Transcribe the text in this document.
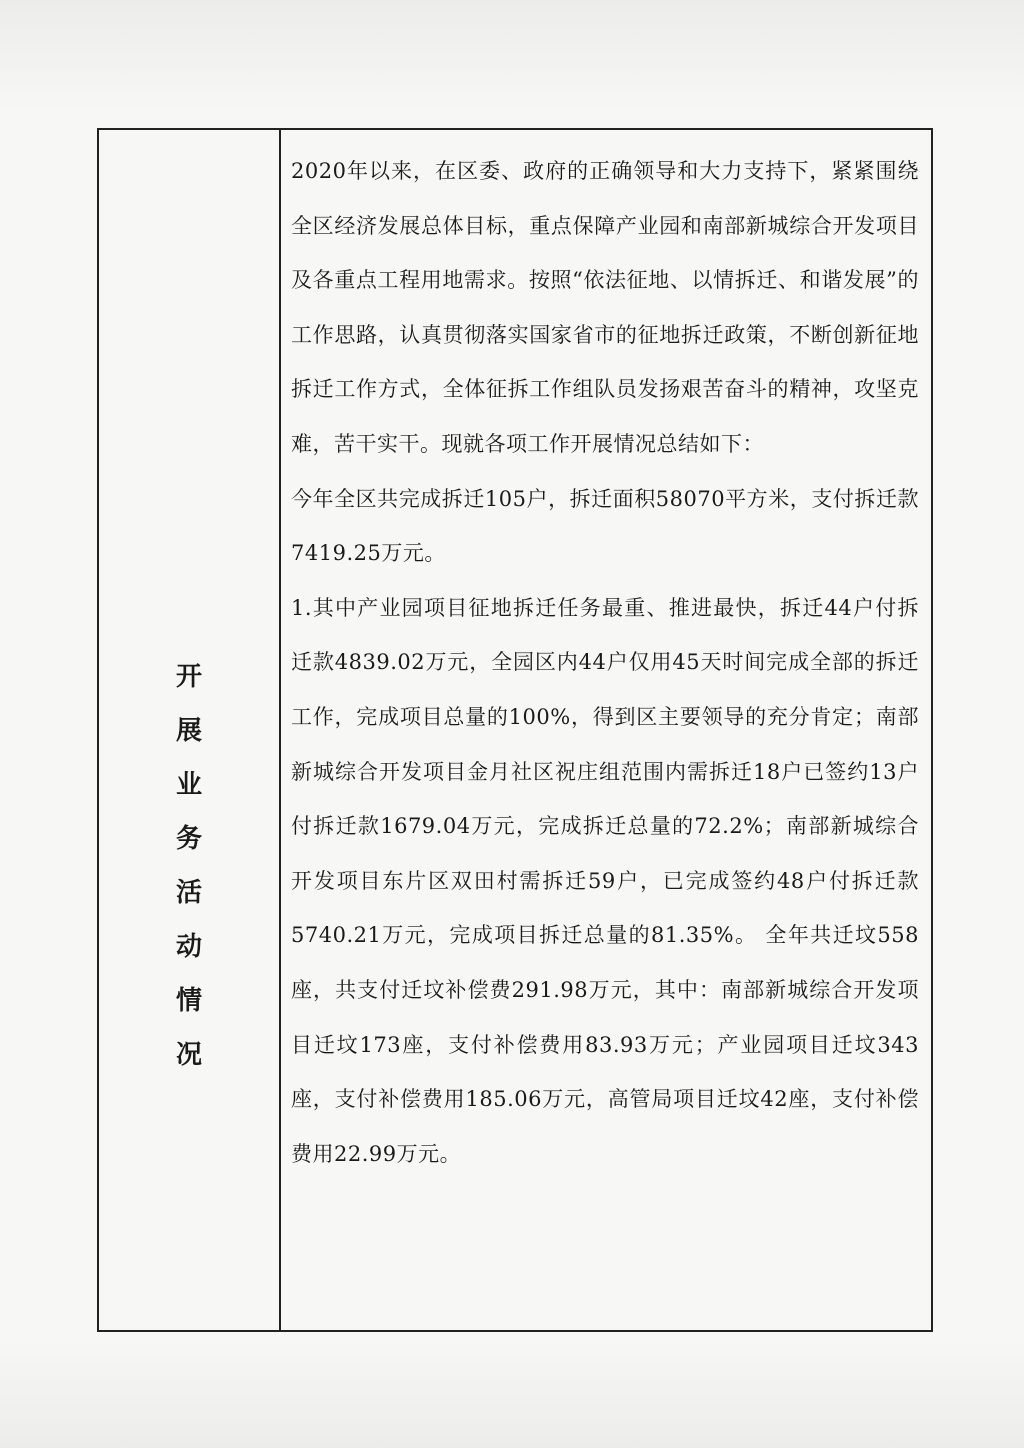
开
展
业
务
活
动
情
况

2020年以来，在区委、政府的正确领导和大力支持下，紧紧围绕全区经济发展总体目标，重点保障产业园和南部新城综合开发项目及各重点工程用地需求。按照“依法征地、以情拆迁、和谐发展”的工作思路，认真贯彻落实国家省市的征地拆迁政策，不断创新征地拆迁工作方式，全体征拆工作组队员发扬艰苦奋斗的精神，攻坚克难，苦干实干。现就各项工作开展情况总结如下：

今年全区共完成拆迁105户，拆迁面积58070平方米，支付拆迁款7419.25万元。

1.其中产业园项目征地拆迁任务最重、推进最快，拆迁44户付拆迁款4839.02万元，全园区内44户仅用45天时间完成全部的拆迁工作，完成项目总量的100%，得到区主要领导的充分肯定；南部新城综合开发项目金月社区祝庄组范围内需拆迁18户已签约13户付拆迁款1679.04万元，完成拆迁总量的72.2%；南部新城综合开发项目东片区双田村需拆迁59户，已完成签约48户付拆迁款5740.21万元，完成项目拆迁总量的81.35%。 全年共迁坟558座，共支付迁坟补偿费291.98万元，其中：南部新城综合开发项目迁坟173座，支付补偿费用83.93万元；产业园项目迁坟343座，支付补偿费用185.06万元，高管局项目迁坟42座，支付补偿费用22.99万元。
